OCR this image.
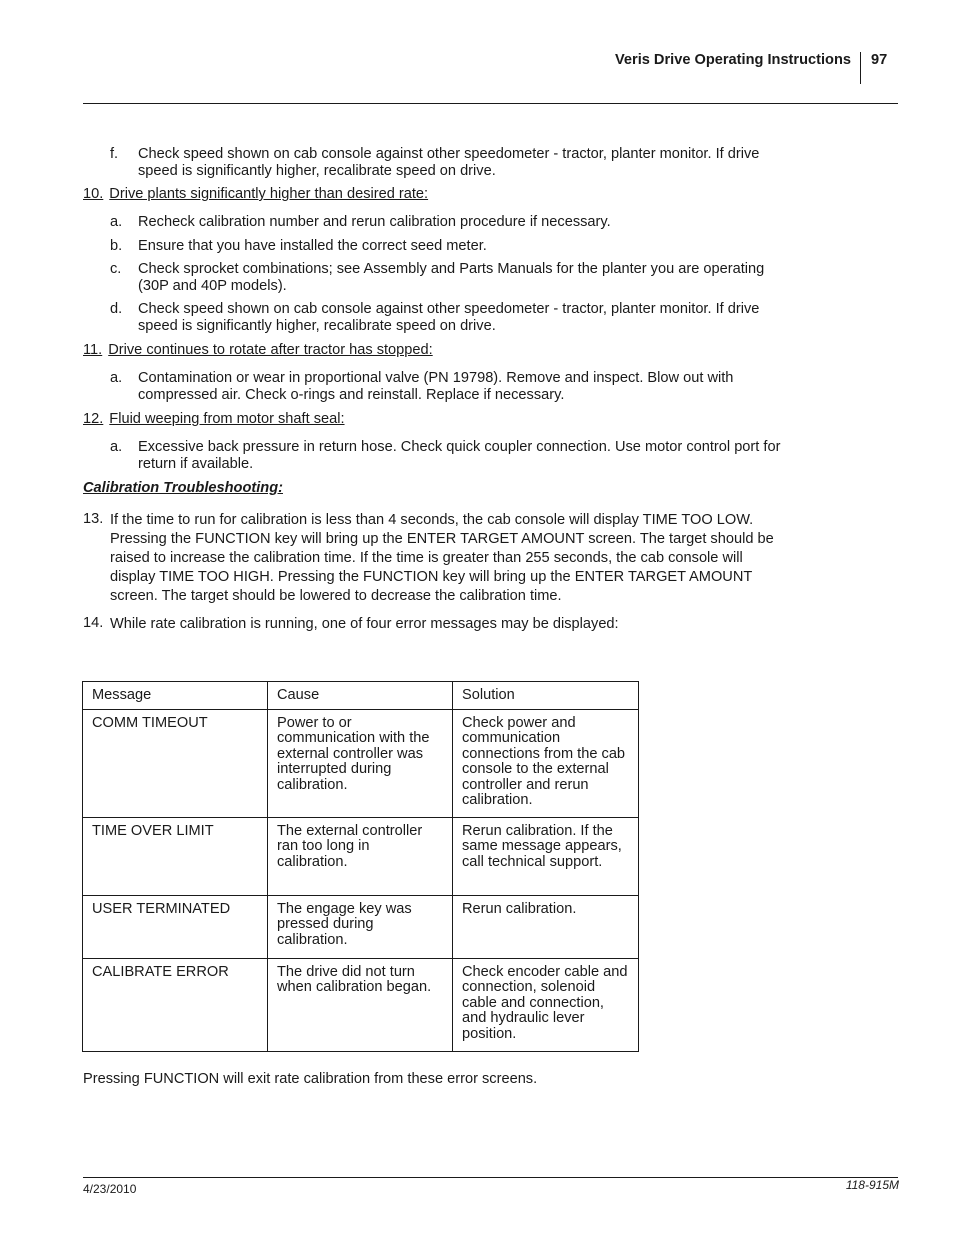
Veris Drive Operating Instructions 97
f. Check speed shown on cab console against other speedometer - tractor, planter monitor. If drive speed is significantly higher, recalibrate speed on drive.
10. Drive plants significantly higher than desired rate:
a. Recheck calibration number and rerun calibration procedure if necessary.
b. Ensure that you have installed the correct seed meter.
c. Check sprocket combinations; see Assembly and Parts Manuals for the planter you are operating (30P and 40P models).
d. Check speed shown on cab console against other speedometer - tractor, planter monitor. If drive speed is significantly higher, recalibrate speed on drive.
11. Drive continues to rotate after tractor has stopped:
a. Contamination or wear in proportional valve (PN 19798). Remove and inspect. Blow out with compressed air. Check o-rings and reinstall. Replace if necessary.
12. Fluid weeping from motor shaft seal:
a. Excessive back pressure in return hose. Check quick coupler connection. Use motor control port for return if available.
Calibration Troubleshooting:
13. If the time to run for calibration is less than 4 seconds, the cab console will display TIME TOO LOW. Pressing the FUNCTION key will bring up the ENTER TARGET AMOUNT screen. The target should be raised to increase the calibration time. If the time is greater than 255 seconds, the cab console will display TIME TOO HIGH. Pressing the FUNCTION key will bring up the ENTER TARGET AMOUNT screen. The target should be lowered to decrease the calibration time.
14. While rate calibration is running, one of four error messages may be displayed:
Message	Cause	Solution
COMM TIMEOUT	Power to or communication with the external controller was interrupted during calibration.	Check power and communication connections from the cab console to the external controller and rerun calibration.
TIME OVER LIMIT	The external controller ran too long in calibration.	Rerun calibration. If the same message appears, call technical support.
USER TERMINATED	The engage key was pressed during calibration.	Rerun calibration.
CALIBRATE ERROR	The drive did not turn when calibration began.	Check encoder cable and connection, solenoid cable and connection, and hydraulic lever position.
Pressing FUNCTION will exit rate calibration from these error screens.
4/23/2010	118-915M
